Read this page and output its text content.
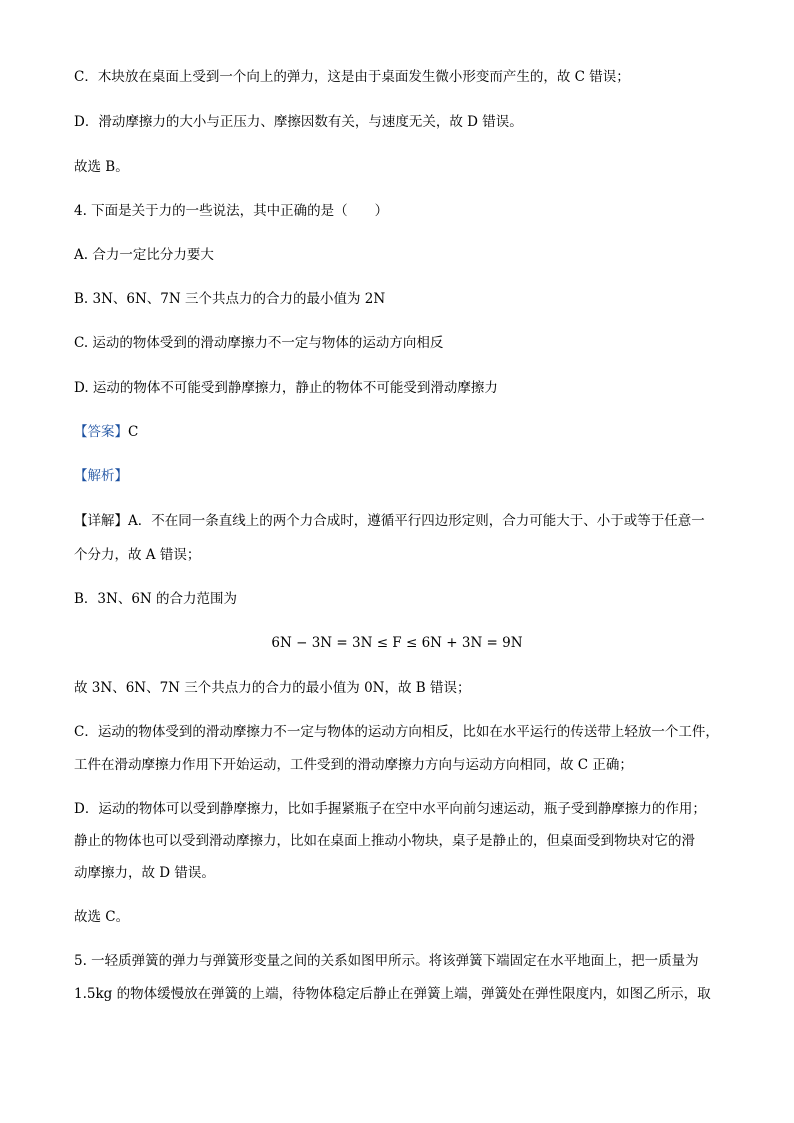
C．木块放在桌面上受到一个向上的弹力，这是由于桌面发生微小形变而产生的，故 C 错误；
D．滑动摩擦力的大小与正压力、摩擦因数有关，与速度无关，故 D 错误。
故选 B。
4. 下面是关于力的一些说法，其中正确的是（　　）
A. 合力一定比分力要大
B. 3N、6N、7N 三个共点力的合力的最小值为 2N
C. 运动的物体受到的滑动摩擦力不一定与物体的运动方向相反
D. 运动的物体不可能受到静摩擦力，静止的物体不可能受到滑动摩擦力
【答案】C
【解析】
【详解】A．不在同一条直线上的两个力合成时，遵循平行四边形定则，合力可能大于、小于或等于任意一
个分力，故 A 错误；
B．3N、6N 的合力范围为
6N − 3N = 3N ≤ F ≤ 6N + 3N = 9N
故 3N、6N、7N 三个共点力的合力的最小值为 0N，故 B 错误；
C．运动的物体受到的滑动摩擦力不一定与物体的运动方向相反，比如在水平运行的传送带上轻放一个工件，
工件在滑动摩擦力作用下开始运动，工件受到的滑动摩擦力方向与运动方向相同，故 C 正确；
D．运动的物体可以受到静摩擦力，比如手握紧瓶子在空中水平向前匀速运动，瓶子受到静摩擦力的作用；
静止的物体也可以受到滑动摩擦力，比如在桌面上推动小物块，桌子是静止的，但桌面受到物块对它的滑
动摩擦力，故 D 错误。
故选 C。
5. 一轻质弹簧的弹力与弹簧形变量之间的关系如图甲所示。将该弹簧下端固定在水平地面上，把一质量为
1.5kg 的物体缓慢放在弹簧的上端，待物体稳定后静止在弹簧上端，弹簧处在弹性限度内，如图乙所示，取
